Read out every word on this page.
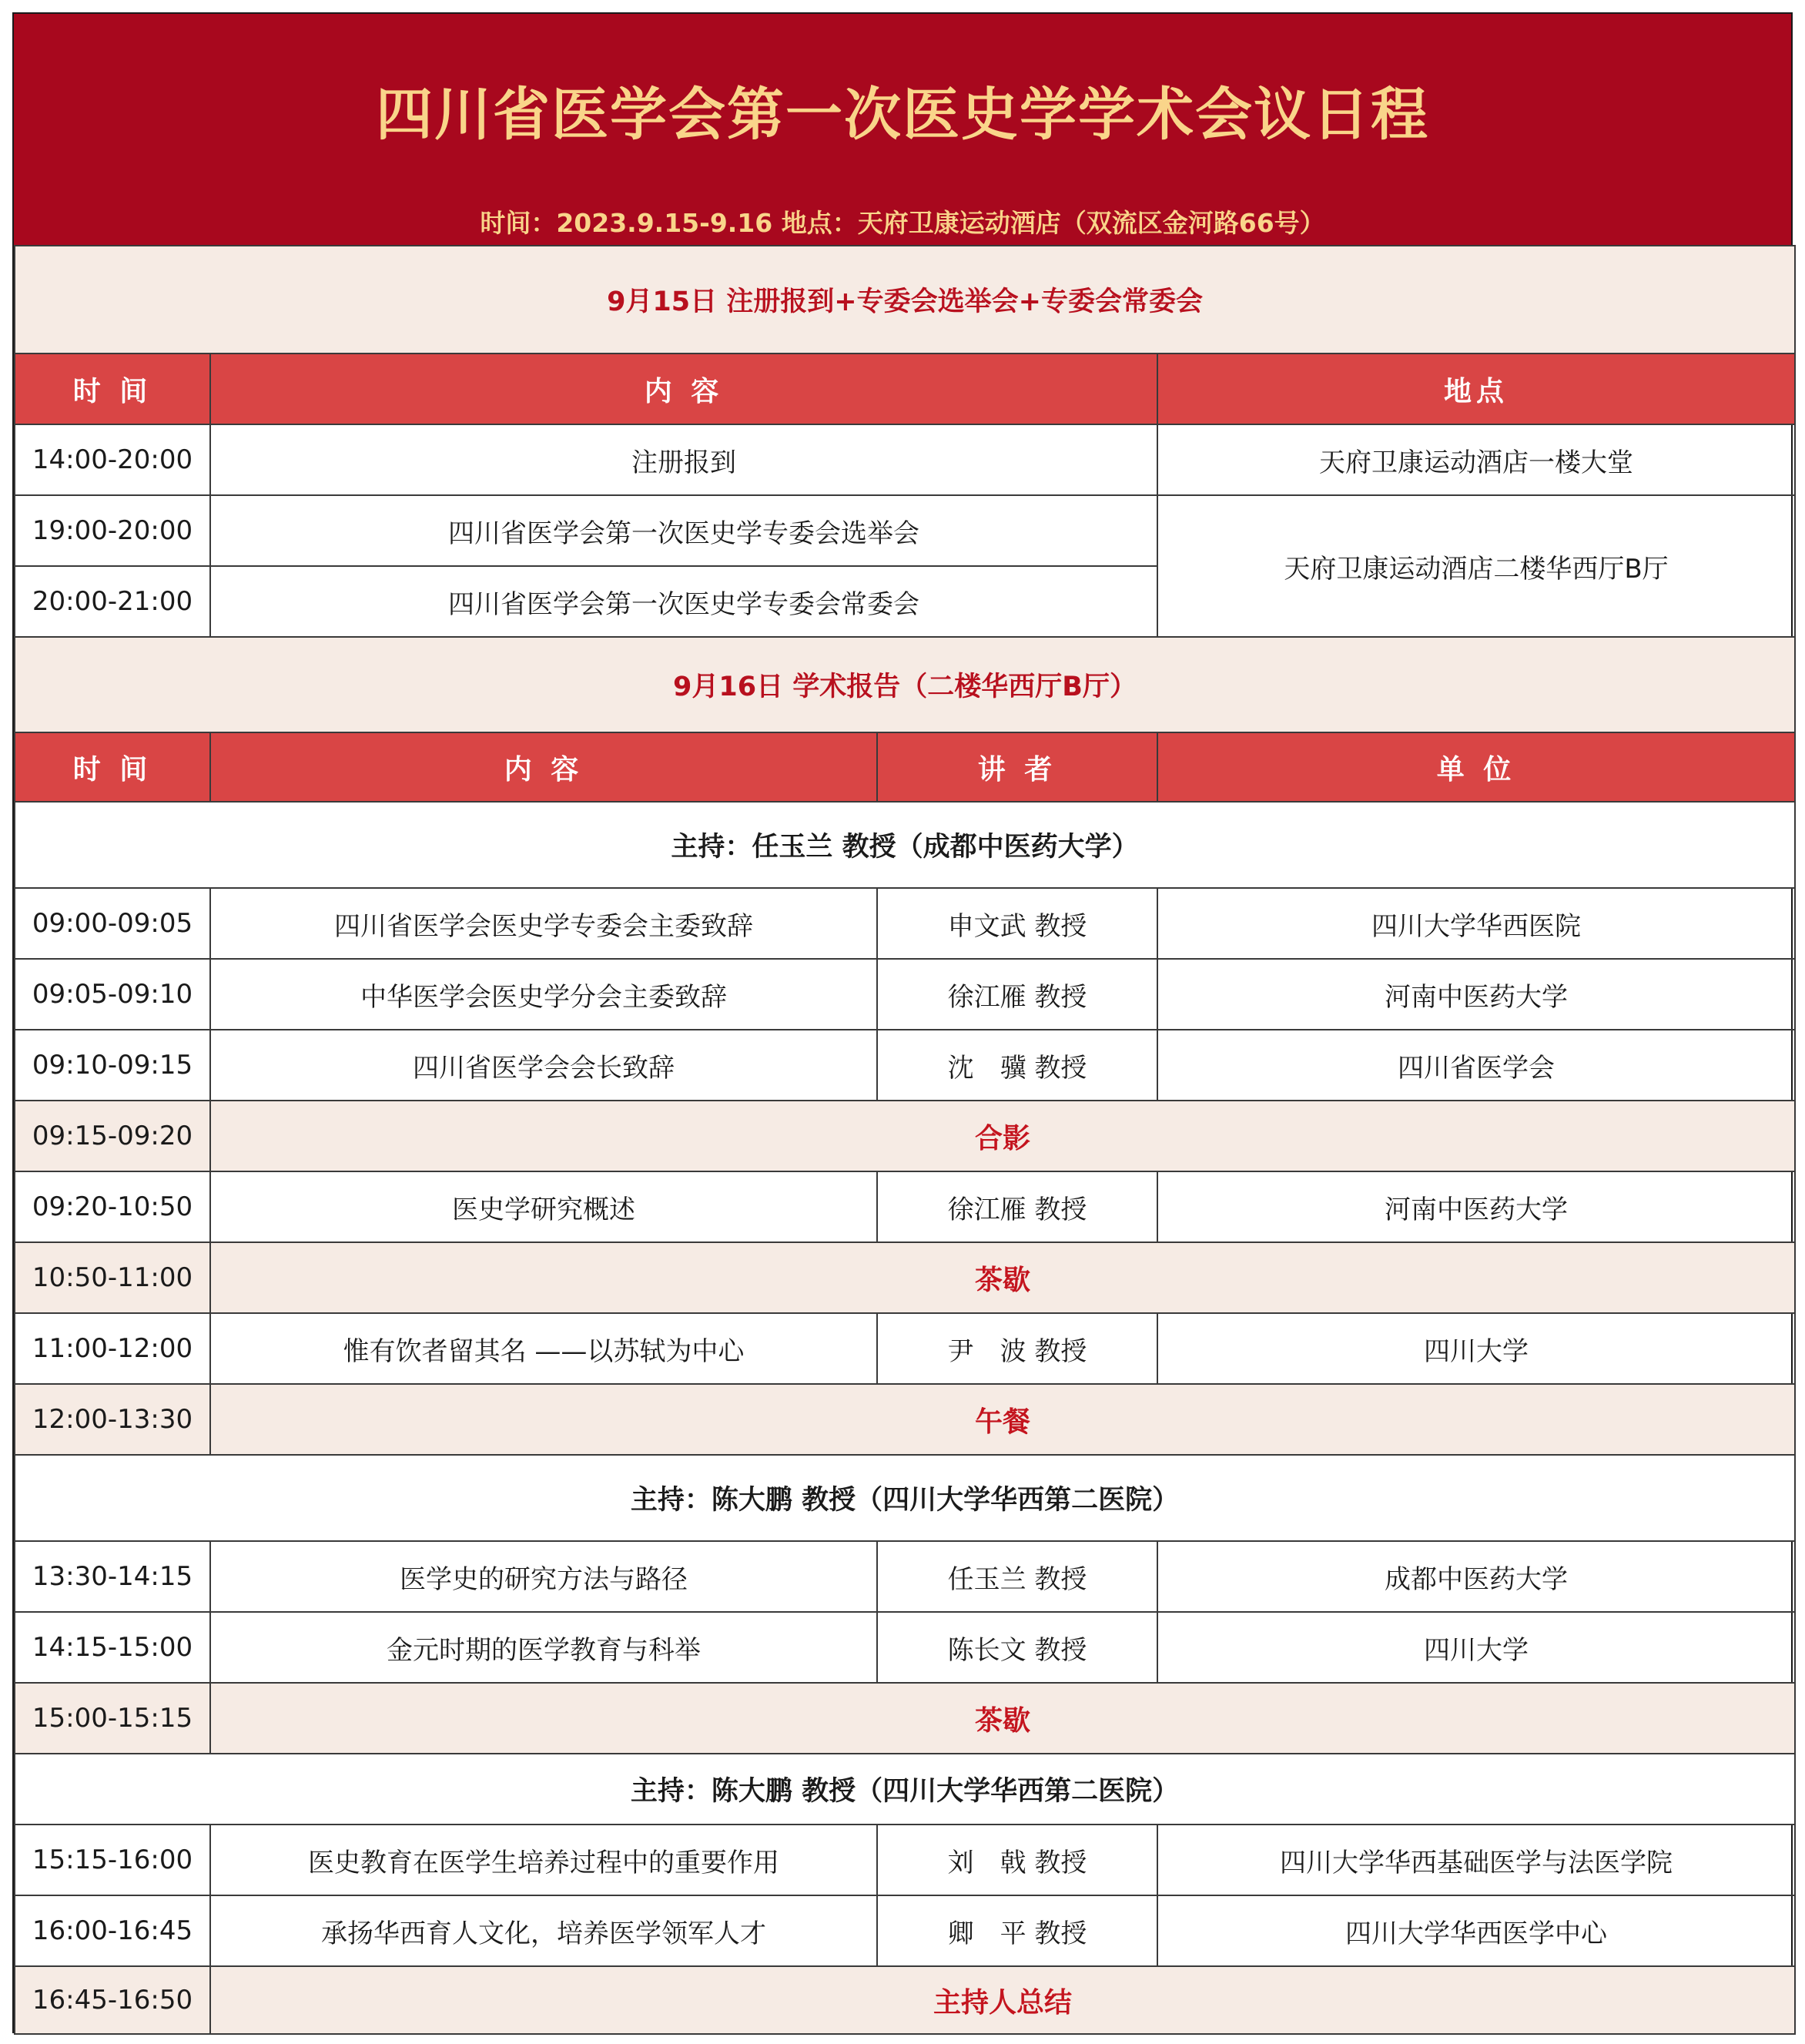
四川省医学会第一次医史学学术会议日程
时间：2023.9.15-9.16 地点：天府卫康运动酒店（双流区金河路66号）
9月15日 注册报到+专委会选举会+专委会常委会			
时 间	内 容		地点
14:00-20:00	注册报到		天府卫康运动酒店一楼大堂
19:00-20:00	四川省医学会第一次医史学专委会选举会		天府卫康运动酒店二楼华西厅B厅
20:00-21:00	四川省医学会第一次医史学专委会常委会		
9月16日 学术报告（二楼华西厅B厅）			
时 间	内 容	讲 者	单 位
主持：任玉兰 教授（成都中医药大学）			
09:00-09:05	四川省医学会医史学专委会主委致辞	申文武 教授	四川大学华西医院
09:05-09:10	中华医学会医史学分会主委致辞	徐江雁 教授	河南中医药大学
09:10-09:15	四川省医学会会长致辞	沈　骥 教授	四川省医学会
09:15-09:20	合影		
09:20-10:50	医史学研究概述	徐江雁 教授	河南中医药大学
10:50-11:00	茶歇		
11:00-12:00	惟有饮者留其名 ——以苏轼为中心	尹　波 教授	四川大学
12:00-13:30	午餐		
主持：陈大鹏 教授（四川大学华西第二医院）			
13:30-14:15	医学史的研究方法与路径	任玉兰 教授	成都中医药大学
14:15-15:00	金元时期的医学教育与科举	陈长文 教授	四川大学
15:00-15:15	茶歇		
主持：陈大鹏 教授（四川大学华西第二医院）			
15:15-16:00	医史教育在医学生培养过程中的重要作用	刘　戟 教授	四川大学华西基础医学与法医学院
16:00-16:45	承扬华西育人文化，培养医学领军人才	卿　平 教授	四川大学华西医学中心
16:45-16:50	主持人总结		
